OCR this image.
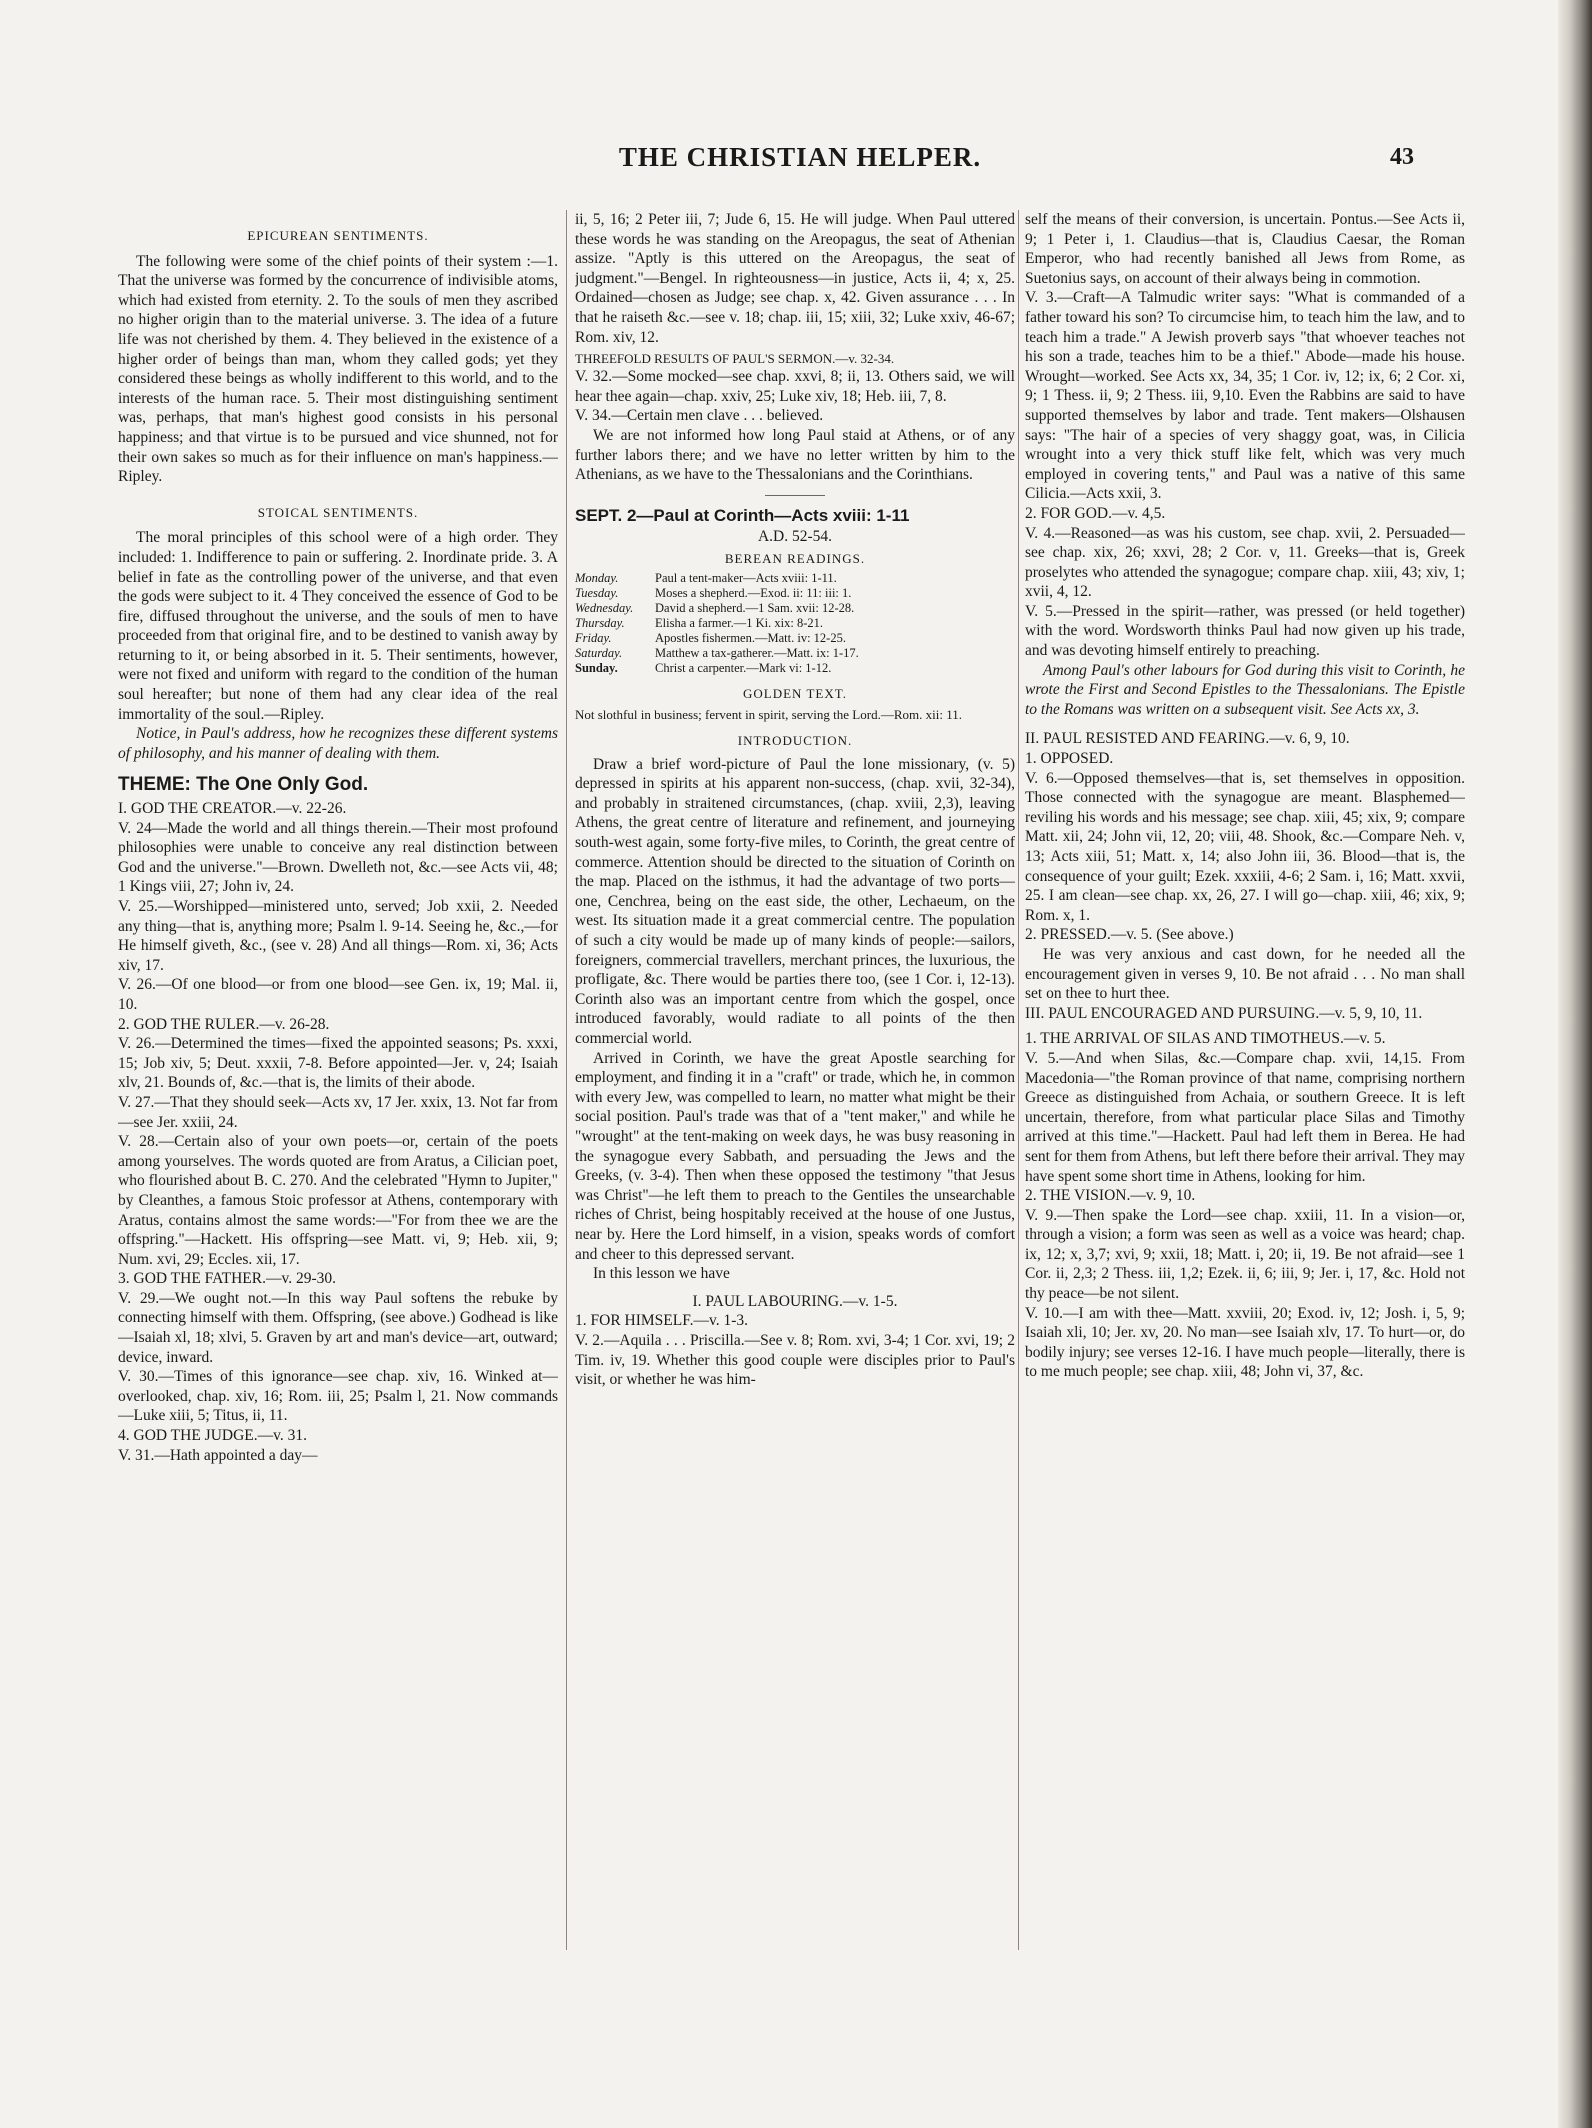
THE CHRISTIAN HELPER.	43
EPICUREAN SENTIMENTS.

The following were some of the chief points of their system :—1. That the universe was formed by the concurrence of indivisible atoms, which had existed from eternity. 2. To the souls of men they ascribed no higher origin than to the material universe. 3. The idea of a future life was not cherished by them. 4. They believed in the existence of a higher order of beings than man, whom they called gods; yet they considered these beings as wholly indifferent to this world, and to the interests of the human race. 5. Their most distinguishing sentiment was, perhaps, that man's highest good consists in his personal happiness; and that virtue is to be pursued and vice shunned, not for their own sakes so much as for their influence on man's happiness.—Ripley.

STOICAL SENTIMENTS.

The moral principles of this school were of a high order. They included: 1. Indifference to pain or suffering. 2. Inordinate pride. 3. A belief in fate as the controlling power of the universe, and that even the gods were subject to it. 4 They conceived the essence of God to be fire, diffused throughout the universe, and the souls of men to have proceeded from that original fire, and to be destined to vanish away by returning to it, or being absorbed in it. 5. Their sentiments, however, were not fixed and uniform with regard to the condition of the human soul hereafter; but none of them had any clear idea of the real immortality of the soul.—Ripley.

Notice, in Paul's address, how he recognizes these different systems of philosophy, and his manner of dealing with them.

THEME: The One Only God.

I. GOD THE CREATOR.—v. 22-26.

V. 24—Made the world and all things therein.—Their most profound philosophies were unable to conceive any real distinction between God and the universe."—Brown. Dwelleth not, &c.—see Acts vii, 48; 1 Kings viii, 27; John iv, 24.

V. 25.—Worshipped—ministered unto, served; Job xxii, 2. Needed any thing—that is, anything more; Psalm l. 9-14. Seeing he, &c.,—for He himself giveth, &c., (see v. 28) And all things—Rom. xi, 36; Acts xiv, 17.

V. 26.—Of one blood—or from one blood—see Gen. ix, 19; Mal. ii, 10.

2. GOD THE RULER.—v. 26-28.

V. 26.—Determined the times—fixed the appointed seasons; Ps. xxxi, 15; Job xiv, 5; Deut. xxxii, 7-8. Before appointed—Jer. v, 24; Isaiah xlv, 21. Bounds of, &c.—that is, the limits of their abode.

V. 27.—That they should seek—Acts xv, 17 Jer. xxix, 13. Not far from—see Jer. xxiii, 24.

V. 28.—Certain also of your own poets—or, certain of the poets among yourselves. The words quoted are from Aratus, a Cilician poet, who flourished about B. C. 270. And the celebrated "Hymn to Jupiter," by Cleanthes, a famous Stoic professor at Athens, contemporary with Aratus, contains almost the same words:—"For from thee we are the offspring."—Hackett. His offspring—see Matt. vi, 9; Heb. xii, 9; Num. xvi, 29; Eccles. xii, 17.

3. GOD THE FATHER.—v. 29-30.

V. 29.—We ought not.—In this way Paul softens the rebuke by connecting himself with them. Offspring, (see above.) Godhead is like—Isaiah xl, 18; xlvi, 5. Graven by art and man's device—art, outward; device, inward.

V. 30.—Times of this ignorance—see chap. xiv, 16. Winked at—overlooked, chap. xiv, 16; Rom. iii, 25; Psalm l, 21. Now commands—Luke xiii, 5; Titus, ii, 11.

4. GOD THE JUDGE.—v. 31.

V. 31.—Hath appointed a day—

ii, 5, 16; 2 Peter iii, 7; Jude 6, 15. He will judge. When Paul uttered these words he was standing on the Areopagus, the seat of Athenian assize. "Aptly is this uttered on the Areopagus, the seat of judgment."—Bengel. In righteousness—in justice, Acts ii, 4; x, 25. Ordained—chosen as Judge; see chap. x, 42. Given assurance . . . In that he raiseth &c.—see v. 18; chap. iii, 15; xiii, 32; Luke xxiv, 46-67; Rom. xiv, 12.

THREEFOLD RESULTS OF PAUL'S SERMON.—v. 32-34.

V. 32.—Some mocked—see chap. xxvi, 8; ii, 13. Others said, we will hear thee again—chap. xxiv, 25; Luke xiv, 18; Heb. iii, 7, 8.

V. 34.—Certain men clave . . . believed.

We are not informed how long Paul staid at Athens, or of any further labors there; and we have no letter written by him to the Athenians, as we have to the Thessalonians and the Corinthians.

SEPT. 2—Paul at Corinth—Acts xviii: 1-11
A.D. 52-54.
BEREAN READINGS.
Monday.	Paul a tent-maker—Acts xviii: 1-11.
Tuesday.	Moses a shepherd.—Exod. ii: 11: iii: 1.
Wednesday.	David a shepherd.—1 Sam. xvii: 12-28.
Thursday.	Elisha a farmer.—1 Ki. xix: 8-21.
Friday.	Apostles fishermen.—Matt. iv: 12-25.
Saturday.	Matthew a tax-gatherer.—Matt. ix: 1-17.
Sunday.	Christ a carpenter.—Mark vi: 1-12.
GOLDEN TEXT.

Not slothful in business; fervent in spirit, serving the Lord.—Rom. xii: 11.

INTRODUCTION.

Draw a brief word-picture of Paul the lone missionary, (v. 5) depressed in spirits at his apparent non-success, (chap. xvii, 32-34), and probably in straitened circumstances, (chap. xviii, 2,3), leaving Athens, the great centre of literature and refinement, and journeying south-west again, some forty-five miles, to Corinth, the great centre of commerce. Attention should be directed to the situation of Corinth on the map. Placed on the isthmus, it had the advantage of two ports—one, Cenchrea, being on the east side, the other, Lechaeum, on the west. Its situation made it a great commercial centre. The population of such a city would be made up of many kinds of people:—sailors, foreigners, commercial travellers, merchant princes, the luxurious, the profligate, &c. There would be parties there too, (see 1 Cor. i, 12-13). Corinth also was an important centre from which the gospel, once introduced favorably, would radiate to all points of the then commercial world.

Arrived in Corinth, we have the great Apostle searching for employment, and finding it in a "craft" or trade, which he, in common with every Jew, was compelled to learn, no matter what might be their social position. Paul's trade was that of a "tent maker," and while he "wrought" at the tent-making on week days, he was busy reasoning in the synagogue every Sabbath, and persuading the Jews and the Greeks, (v. 3-4). Then when these opposed the testimony "that Jesus was Christ"—he left them to preach to the Gentiles the unsearchable riches of Christ, being hospitably received at the house of one Justus, near by. Here the Lord himself, in a vision, speaks words of comfort and cheer to this depressed servant.

In this lesson we have

I. PAUL LABOURING.—v. 1-5.

1. FOR HIMSELF.—v. 1-3.

V. 2.—Aquila . . . Priscilla.—See v. 8; Rom. xvi, 3-4; 1 Cor. xvi, 19; 2 Tim. iv, 19. Whether this good couple were disciples prior to Paul's visit, or whether he was him-

self the means of their conversion, is uncertain. Pontus.—See Acts ii, 9; 1 Peter i, 1. Claudius—that is, Claudius Caesar, the Roman Emperor, who had recently banished all Jews from Rome, as Suetonius says, on account of their always being in commotion.

V. 3.—Craft—A Talmudic writer says: "What is commanded of a father toward his son? To circumcise him, to teach him the law, and to teach him a trade." A Jewish proverb says "that whoever teaches not his son a trade, teaches him to be a thief." Abode—made his house. Wrought—worked. See Acts xx, 34, 35; 1 Cor. iv, 12; ix, 6; 2 Cor. xi, 9; 1 Thess. ii, 9; 2 Thess. iii, 9,10. Even the Rabbins are said to have supported themselves by labor and trade. Tent makers—Olshausen says: "The hair of a species of very shaggy goat, was, in Cilicia wrought into a very thick stuff like felt, which was very much employed in covering tents," and Paul was a native of this same Cilicia.—Acts xxii, 3.

2. FOR GOD.—v. 4,5.

V. 4.—Reasoned—as was his custom, see chap. xvii, 2. Persuaded—see chap. xix, 26; xxvi, 28; 2 Cor. v, 11. Greeks—that is, Greek proselytes who attended the synagogue; compare chap. xiii, 43; xiv, 1; xvii, 4, 12.

V. 5.—Pressed in the spirit—rather, was pressed (or held together) with the word. Wordsworth thinks Paul had now given up his trade, and was devoting himself entirely to preaching.

Among Paul's other labours for God during this visit to Corinth, he wrote the First and Second Epistles to the Thessalonians. The Epistle to the Romans was written on a subsequent visit. See Acts xx, 3.

II. PAUL RESISTED AND FEARING.—v. 6, 9, 10.

1. OPPOSED.

V. 6.—Opposed themselves—that is, set themselves in opposition. Those connected with the synagogue are meant. Blasphemed—reviling his words and his message; see chap. xiii, 45; xix, 9; compare Matt. xii, 24; John vii, 12, 20; viii, 48. Shook, &c.—Compare Neh. v, 13; Acts xiii, 51; Matt. x, 14; also John iii, 36. Blood—that is, the consequence of your guilt; Ezek. xxxiii, 4-6; 2 Sam. i, 16; Matt. xxvii, 25. I am clean—see chap. xx, 26, 27. I will go—chap. xiii, 46; xix, 9; Rom. x, 1.

2. PRESSED.—v. 5. (See above.)

He was very anxious and cast down, for he needed all the encouragement given in verses 9, 10. Be not afraid . . . No man shall set on thee to hurt thee.

III. PAUL ENCOURAGED AND PURSUING.—v. 5, 9, 10, 11.

1. THE ARRIVAL OF SILAS AND TIMOTHEUS.—v. 5.

V. 5.—And when Silas, &c.—Compare chap. xvii, 14,15. From Macedonia—"the Roman province of that name, comprising northern Greece as distinguished from Achaia, or southern Greece. It is left uncertain, therefore, from what particular place Silas and Timothy arrived at this time."—Hackett. Paul had left them in Berea. He had sent for them from Athens, but left there before their arrival. They may have spent some short time in Athens, looking for him.

2. THE VISION.—v. 9, 10.

V. 9.—Then spake the Lord—see chap. xxiii, 11. In a vision—or, through a vision; a form was seen as well as a voice was heard; chap. ix, 12; x, 3,7; xvi, 9; xxii, 18; Matt. i, 20; ii, 19. Be not afraid—see 1 Cor. ii, 2,3; 2 Thess. iii, 1,2; Ezek. ii, 6; iii, 9; Jer. i, 17, &c. Hold not thy peace—be not silent.

V. 10.—I am with thee—Matt. xxviii, 20; Exod. iv, 12; Josh. i, 5, 9; Isaiah xli, 10; Jer. xv, 20. No man—see Isaiah xlv, 17. To hurt—or, do bodily injury; see verses 12-16. I have much people—literally, there is to me much people; see chap. xiii, 48; John vi, 37, &c.
